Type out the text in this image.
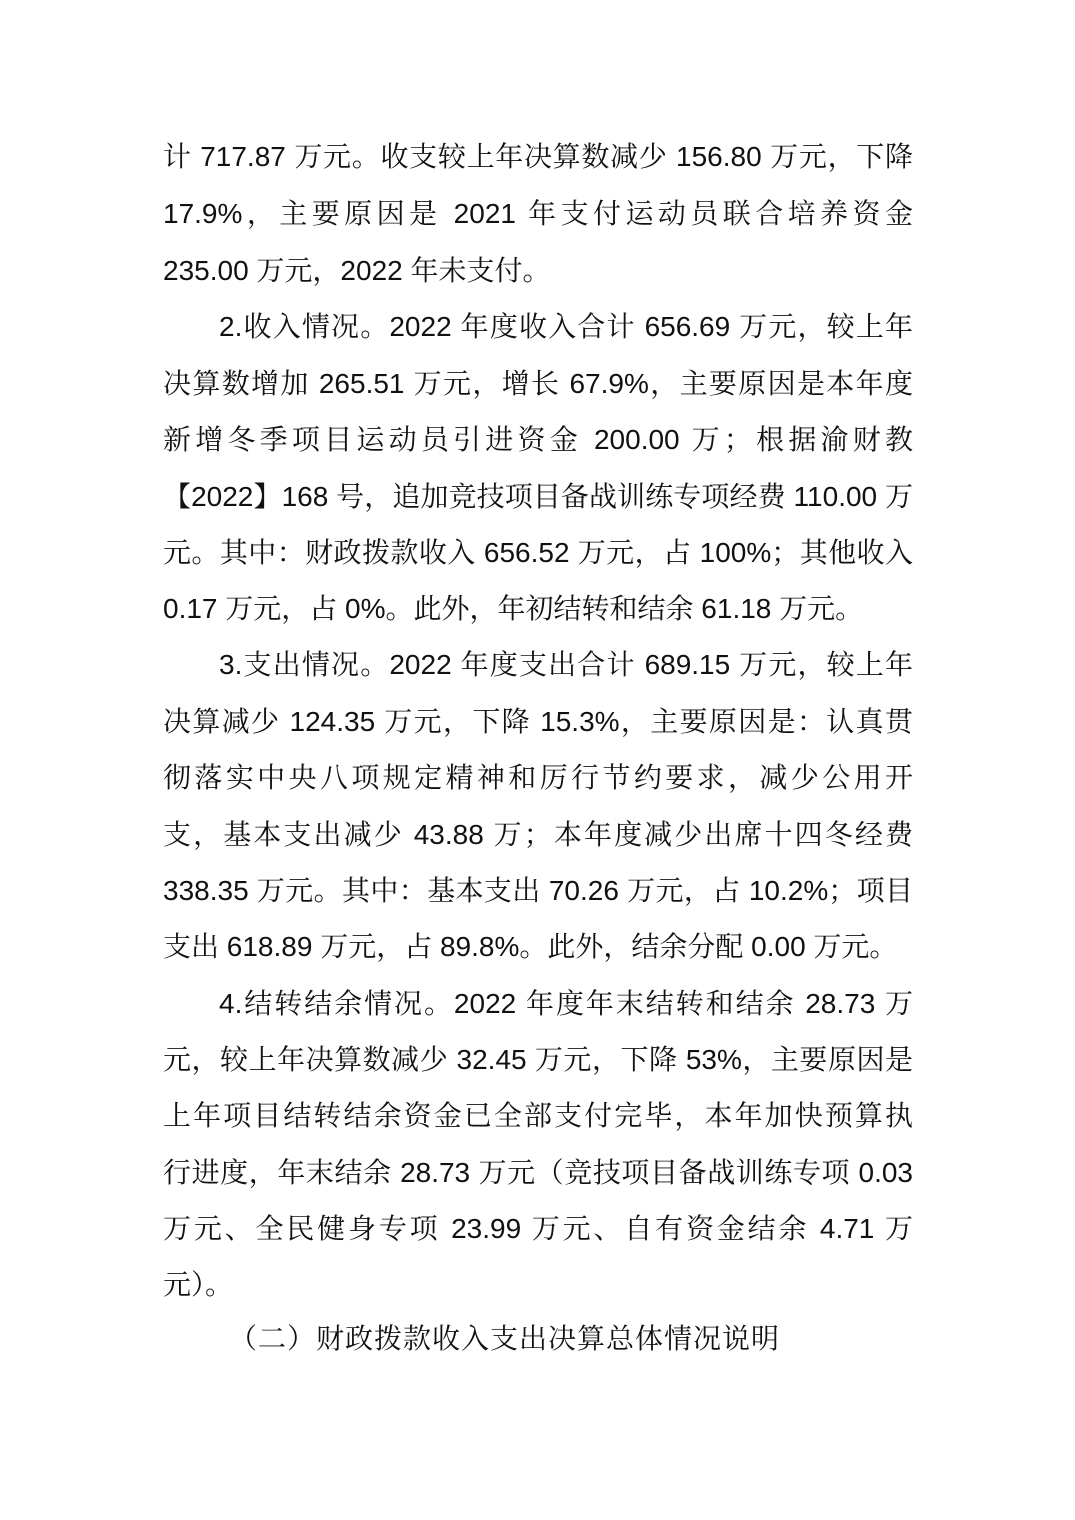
计 717.87 万元。收支较上年决算数减少 156.80 万元，下降
17.9%，主要原因是 2021 年支付运动员联合培养资金
235.00 万元，2022 年未支付。
2.收入情况。2022 年度收入合计 656.69 万元，较上年
决算数增加 265.51 万元，增长 67.9%，主要原因是本年度
新增冬季项目运动员引进资金 200.00 万；根据渝财教
【2022】168 号，追加竞技项目备战训练专项经费 110.00 万
元。其中：财政拨款收入 656.52 万元，占 100%；其他收入
0.17 万元，占 0%。此外，年初结转和结余 61.18 万元。
3.支出情况。2022 年度支出合计 689.15 万元，较上年
决算减少 124.35 万元，下降 15.3%，主要原因是：认真贯
彻落实中央八项规定精神和厉行节约要求，减少公用开
支，基本支出减少 43.88 万；本年度减少出席十四冬经费
338.35 万元。其中：基本支出 70.26 万元，占 10.2%；项目
支出 618.89 万元，占 89.8%。此外，结余分配 0.00 万元。
4.结转结余情况。2022 年度年末结转和结余 28.73 万
元，较上年决算数减少 32.45 万元，下降 53%，主要原因是
上年项目结转结余资金已全部支付完毕，本年加快预算执
行进度，年末结余 28.73 万元（竞技项目备战训练专项 0.03
万元、全民健身专项 23.99 万元、自有资金结余 4.71 万
元）。
（二）财政拨款收入支出决算总体情况说明
